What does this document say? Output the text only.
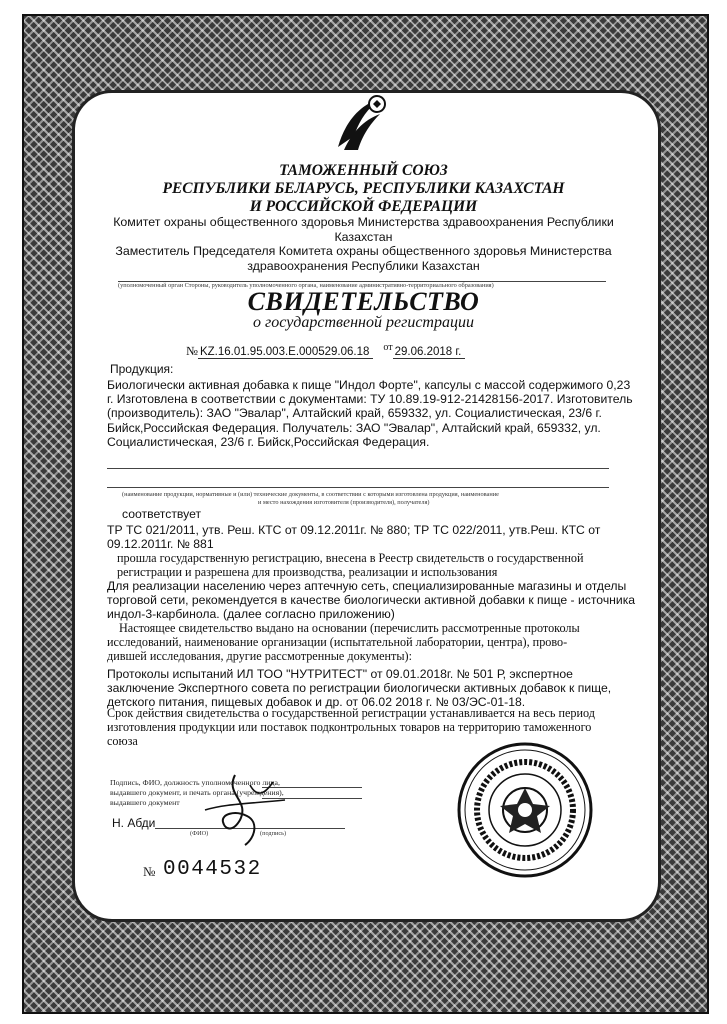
ТАМОЖЕННЫЙ СОЮЗ
РЕСПУБЛИКИ БЕЛАРУСЬ, РЕСПУБЛИКИ КАЗАХСТАН
И РОССИЙСКОЙ ФЕДЕРАЦИИ
Комитет охраны общественного здоровья Министерства здравоохранения Республики Казахстан
Заместитель Председателя Комитета охраны общественного здоровья Министерства
здравоохранения Республики Казахстан
(уполномоченный орган Стороны, руководитель уполномоченного органа, наименование административно-территориального образования)
СВИДЕТЕЛЬСТВО
о государственной регистрации
№ KZ.16.01.95.003.Е.000529.06.18 от 29.06.2018 г.
Продукция:
Биологически активная добавка к пище "Индол Форте", капсулы с массой содержимого 0,23
г. Изготовлена в соответствии с документами: ТУ 10.89.19-912-21428156-2017. Изготовитель
(производитель): ЗАО "Эвалар", Алтайский край, 659332, ул. Социалистическая, 23/6 г.
Бийск,Российская Федерация. Получатель: ЗАО "Эвалар", Алтайский край, 659332, ул.
Социалистическая, 23/6 г. Бийск,Российская Федерация.
(наименование продукции, нормативные и (или) технические документы, в соответствии с которыми изготовлена продукция, наименование
и место нахождения изготовителя (производителя), получателя)
соответствует
ТР ТС 021/2011, утв. Реш. КТС от 09.12.2011г. № 880; ТР ТС 022/2011, утв.Реш. КТС от
09.12.2011г. № 881
прошла государственную регистрацию, внесена в Реестр свидетельств о государственной
регистрации и разрешена для производства, реализации и использования
Для реализации населению через аптечную сеть, специализированные магазины и отделы
торговой сети, рекомендуется в качестве биологически активной добавки к пище - источника
индол-3-карбинола. (далее согласно приложению)
Настоящее свидетельство выдано на основании (перечислить рассмотренные протоколы
исследований, наименование организации (испытательной лаборатории, центра), прово-
дившей исследования, другие рассмотренные документы):
Протоколы испытаний ИЛ ТОО "НУТРИТЕСТ" от 09.01.2018г. № 501 Р, экспертное
заключение Экспертного совета по регистрации биологически активных добавок к пище,
детского питания, пищевых добавок и др. от 06.02 2018 г. № 03/ЭС-01-18.
Срок действия свидетельства о государственной регистрации устанавливается на весь период
изготовления продукции или поставок подконтрольных товаров на территорию таможенного
союза
Подпись, ФИО, должность уполномоченного лица,
выдавшего документ, и печать органа (учреждения),
выдавшего документ
Н. Абди
(ФИО)	(подпись)
№ 0044532
